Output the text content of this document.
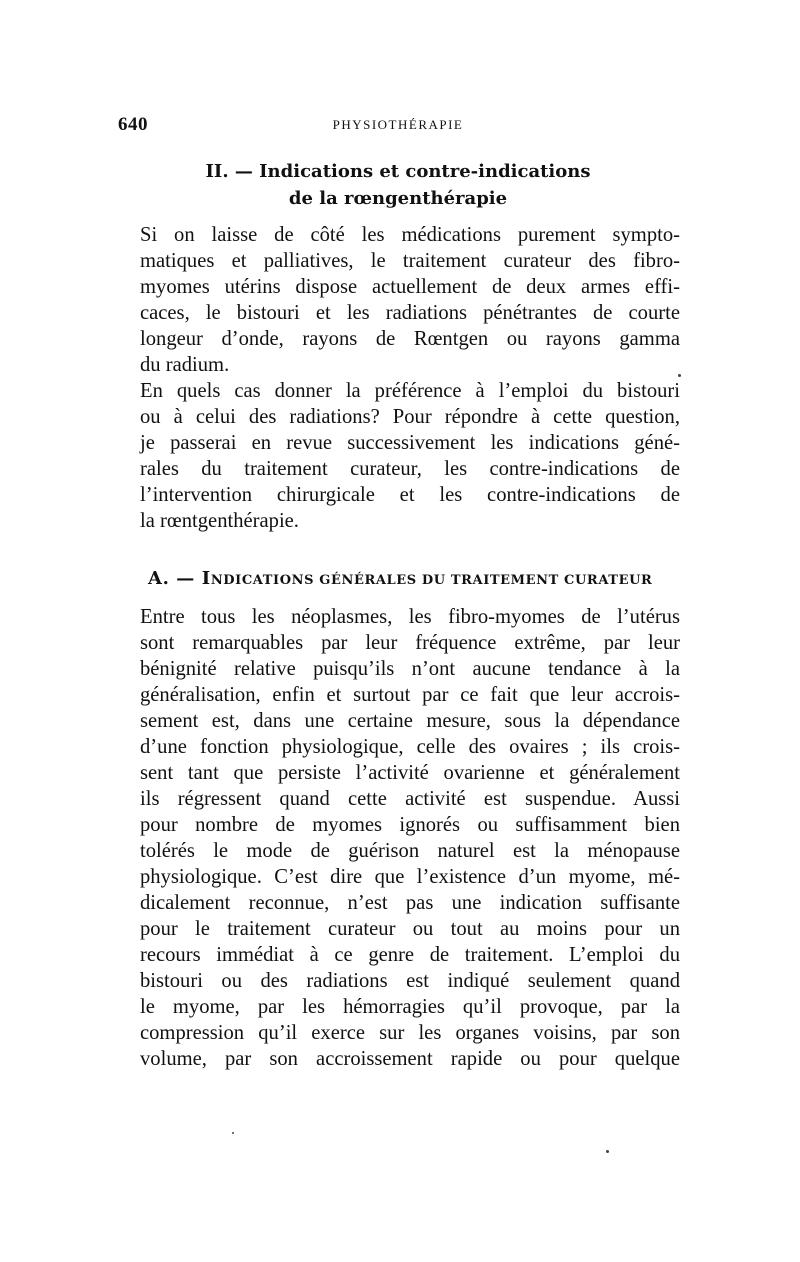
640	PHYSIOTHÉRAPIE
II. — Indications et contre-indications
de la rœngenthérapie
Si on laisse de côté les médications purement sympto-
matiques et palliatives, le traitement curateur des fibro-
myomes utérins dispose actuellement de deux armes effi-
caces, le bistouri et les radiations pénétrantes de courte
longeur d’onde, rayons de Rœntgen ou rayons gamma
du radium.
En quels cas donner la préférence à l’emploi du bistouri
ou à celui des radiations? Pour répondre à cette question,
je passerai en revue successivement les indications géné-
rales du traitement curateur, les contre-indications de
l’intervention chirurgicale et les contre-indications de
la rœntgenthérapie.
A. — INDICATIONS GÉNÉRALES DU TRAITEMENT CURATEUR
Entre tous les néoplasmes, les fibro-myomes de l’utérus
sont remarquables par leur fréquence extrême, par leur
bénignité relative puisqu’ils n’ont aucune tendance à la
généralisation, enfin et surtout par ce fait que leur accrois-
sement est, dans une certaine mesure, sous la dépendance
d’une fonction physiologique, celle des ovaires ; ils crois-
sent tant que persiste l’activité ovarienne et généralement
ils régressent quand cette activité est suspendue. Aussi
pour nombre de myomes ignorés ou suffisamment bien
tolérés le mode de guérison naturel est la ménopause
physiologique. C’est dire que l’existence d’un myome, mé-
dicalement reconnue, n’est pas une indication suffisante
pour le traitement curateur ou tout au moins pour un
recours immédiat à ce genre de traitement. L’emploi du
bistouri ou des radiations est indiqué seulement quand
le myome, par les hémorragies qu’il provoque, par la
compression qu’il exerce sur les organes voisins, par son
volume, par son accroissement rapide ou pour quelque
